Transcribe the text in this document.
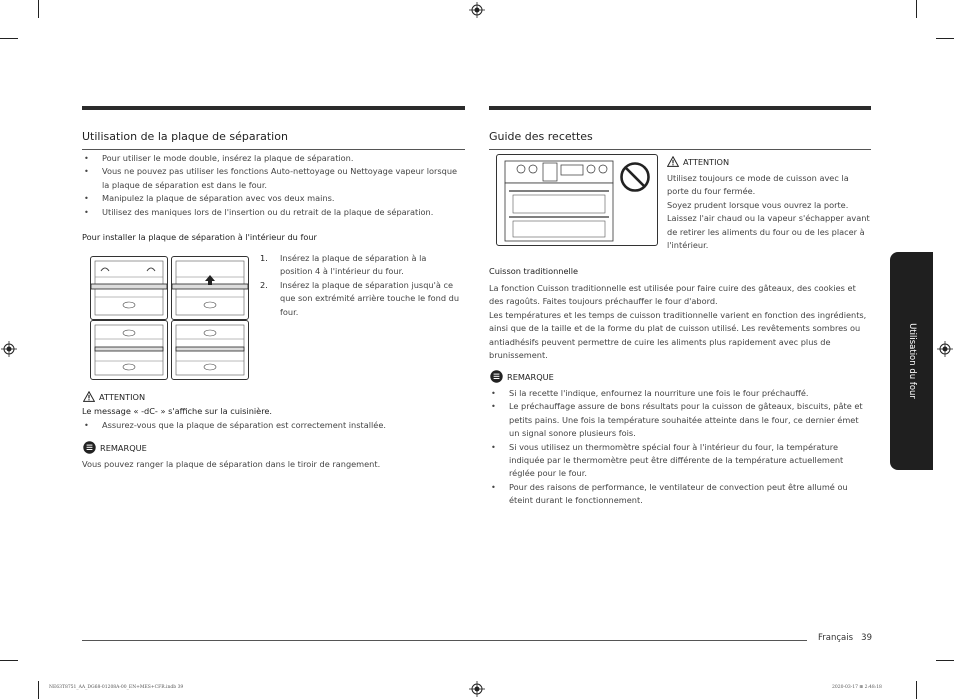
Utilisation de la plaque de séparation
• Pour utiliser le mode double, insérez la plaque de séparation.
• Vous ne pouvez pas utiliser les fonctions Auto-nettoyage ou Nettoyage vapeur lorsque la plaque de séparation est dans le four.
• Manipulez la plaque de séparation avec vos deux mains.
• Utilisez des maniques lors de l'insertion ou du retrait de la plaque de séparation.
Pour installer la plaque de séparation à l'intérieur du four
1. Insérez la plaque de séparation à la position 4 à l'intérieur du four.
2. Insérez la plaque de séparation jusqu'à ce que son extrémité arrière touche le fond du four.
ATTENTION
Le message « -dC- » s'affiche sur la cuisinière.
• Assurez-vous que la plaque de séparation est correctement installée.
REMARQUE
Vous pouvez ranger la plaque de séparation dans le tiroir de rangement.
Guide des recettes
ATTENTION
Utilisez toujours ce mode de cuisson avec la porte du four fermée.
Soyez prudent lorsque vous ouvrez la porte. Laissez l'air chaud ou la vapeur s'échapper avant de retirer les aliments du four ou de les placer à l'intérieur.
Cuisson traditionnelle
La fonction Cuisson traditionnelle est utilisée pour faire cuire des gâteaux, des cookies et des ragoûts. Faites toujours préchauffer le four d'abord.
Les températures et les temps de cuisson traditionnelle varient en fonction des ingrédients, ainsi que de la taille et de la forme du plat de cuisson utilisé. Les revêtements sombres ou antiadhésifs peuvent permettre de cuire les aliments plus rapidement avec plus de brunissement.
REMARQUE
• Si la recette l'indique, enfournez la nourriture une fois le four préchauffé.
• Le préchauffage assure de bons résultats pour la cuisson de gâteaux, biscuits, pâte et petits pains. Une fois la température souhaitée atteinte dans le four, ce dernier émet un signal sonore plusieurs fois.
• Si vous utilisez un thermomètre spécial four à l'intérieur du four, la température indiquée par le thermomètre peut être différente de la température actuellement réglée pour le four.
• Pour des raisons de performance, le ventilateur de convection peut être allumé ou éteint durant le fonctionnement.
Utilisation du four
Français 39
NE63T8751_AA_DG68-01208A-00_EN+MES+CFR.indb 39	2020-03-17 ⊞ 2:48:18
